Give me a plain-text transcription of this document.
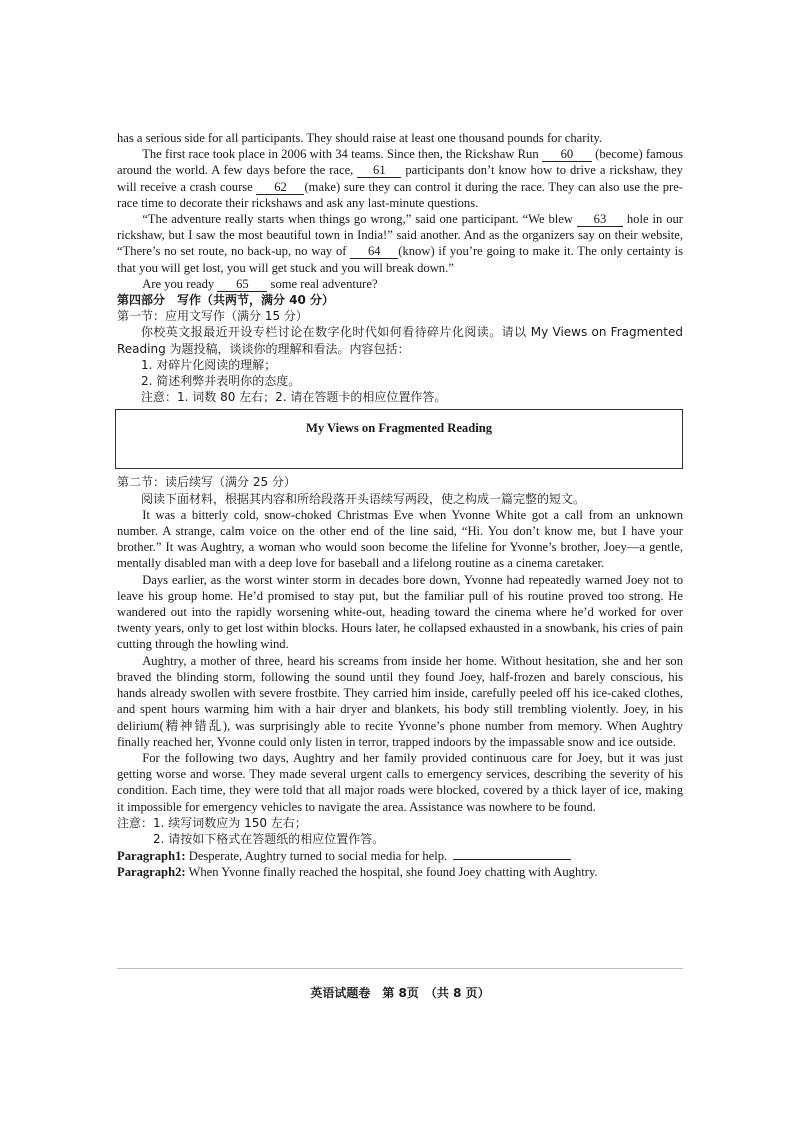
has a serious side for all participants. They should raise at least one thousand pounds for charity.

The first race took place in 2006 with 34 teams. Since then, the Rickshaw Run 60 (become) famous around the world. A few days before the race, 61 participants don’t know how to drive a rickshaw, they will receive a crash course 62 (make) sure they can control it during the race. They can also use the pre-race time to decorate their rickshaws and ask any last-minute questions.

“The adventure really starts when things go wrong,” said one participant. “We blew 63 hole in our rickshaw, but I saw the most beautiful town in India!” said another. And as the organizers say on their website, “There’s no set route, no back-up, no way of 64 (know) if you’re going to make it. The only certainty is that you will get lost, you will get stuck and you will break down.”

Are you ready 65 some real adventure?

第四部分　写作（共两节，满分 40 分）

第一节：应用文写作（满分 15 分）

你校英文报最近开设专栏讨论在数字化时代如何看待碎片化阅读。请以 My Views on Fragmented Reading 为题投稿，谈谈你的理解和看法。内容包括：

1. 对碎片化阅读的理解；

2. 简述利弊并表明你的态度。

注意：1. 词数 80 左右；2. 请在答题卡的相应位置作答。

My Views on Fragmented Reading

第二节：读后续写（满分 25 分）

阅读下面材料，根据其内容和所给段落开头语续写两段，使之构成一篇完整的短文。

It was a bitterly cold, snow-choked Christmas Eve when Yvonne White got a call from an unknown number. A strange, calm voice on the other end of the line said, “Hi. You don’t know me, but I have your brother.” It was Aughtry, a woman who would soon become the lifeline for Yvonne’s brother, Joey—a gentle, mentally disabled man with a deep love for baseball and a lifelong routine as a cinema caretaker.

Days earlier, as the worst winter storm in decades bore down, Yvonne had repeatedly warned Joey not to leave his group home. He’d promised to stay put, but the familiar pull of his routine proved too strong. He wandered out into the rapidly worsening white-out, heading toward the cinema where he’d worked for over twenty years, only to get lost within blocks. Hours later, he collapsed exhausted in a snowbank, his cries of pain cutting through the howling wind.

Aughtry, a mother of three, heard his screams from inside her home. Without hesitation, she and her son braved the blinding storm, following the sound until they found Joey, half-frozen and barely conscious, his hands already swollen with severe frostbite. They carried him inside, carefully peeled off his ice-caked clothes, and spent hours warming him with a hair dryer and blankets, his body still trembling violently. Joey, in his delirium(精神错乱), was surprisingly able to recite Yvonne’s phone number from memory. When Aughtry finally reached her, Yvonne could only listen in terror, trapped indoors by the impassable snow and ice outside.

For the following two days, Aughtry and her family provided continuous care for Joey, but it was just getting worse and worse. They made several urgent calls to emergency services, describing the severity of his condition. Each time, they were told that all major roads were blocked, covered by a thick layer of ice, making it impossible for emergency vehicles to navigate the area. Assistance was nowhere to be found.

注意：1. 续写词数应为 150 左右；

2. 请按如下格式在答题纸的相应位置作答。

Paragraph1: Desperate, Aughtry turned to social media for help.

Paragraph2: When Yvonne finally reached the hospital, she found Joey chatting with Aughtry.

英语试题卷　第 8页　（共 8 页）
